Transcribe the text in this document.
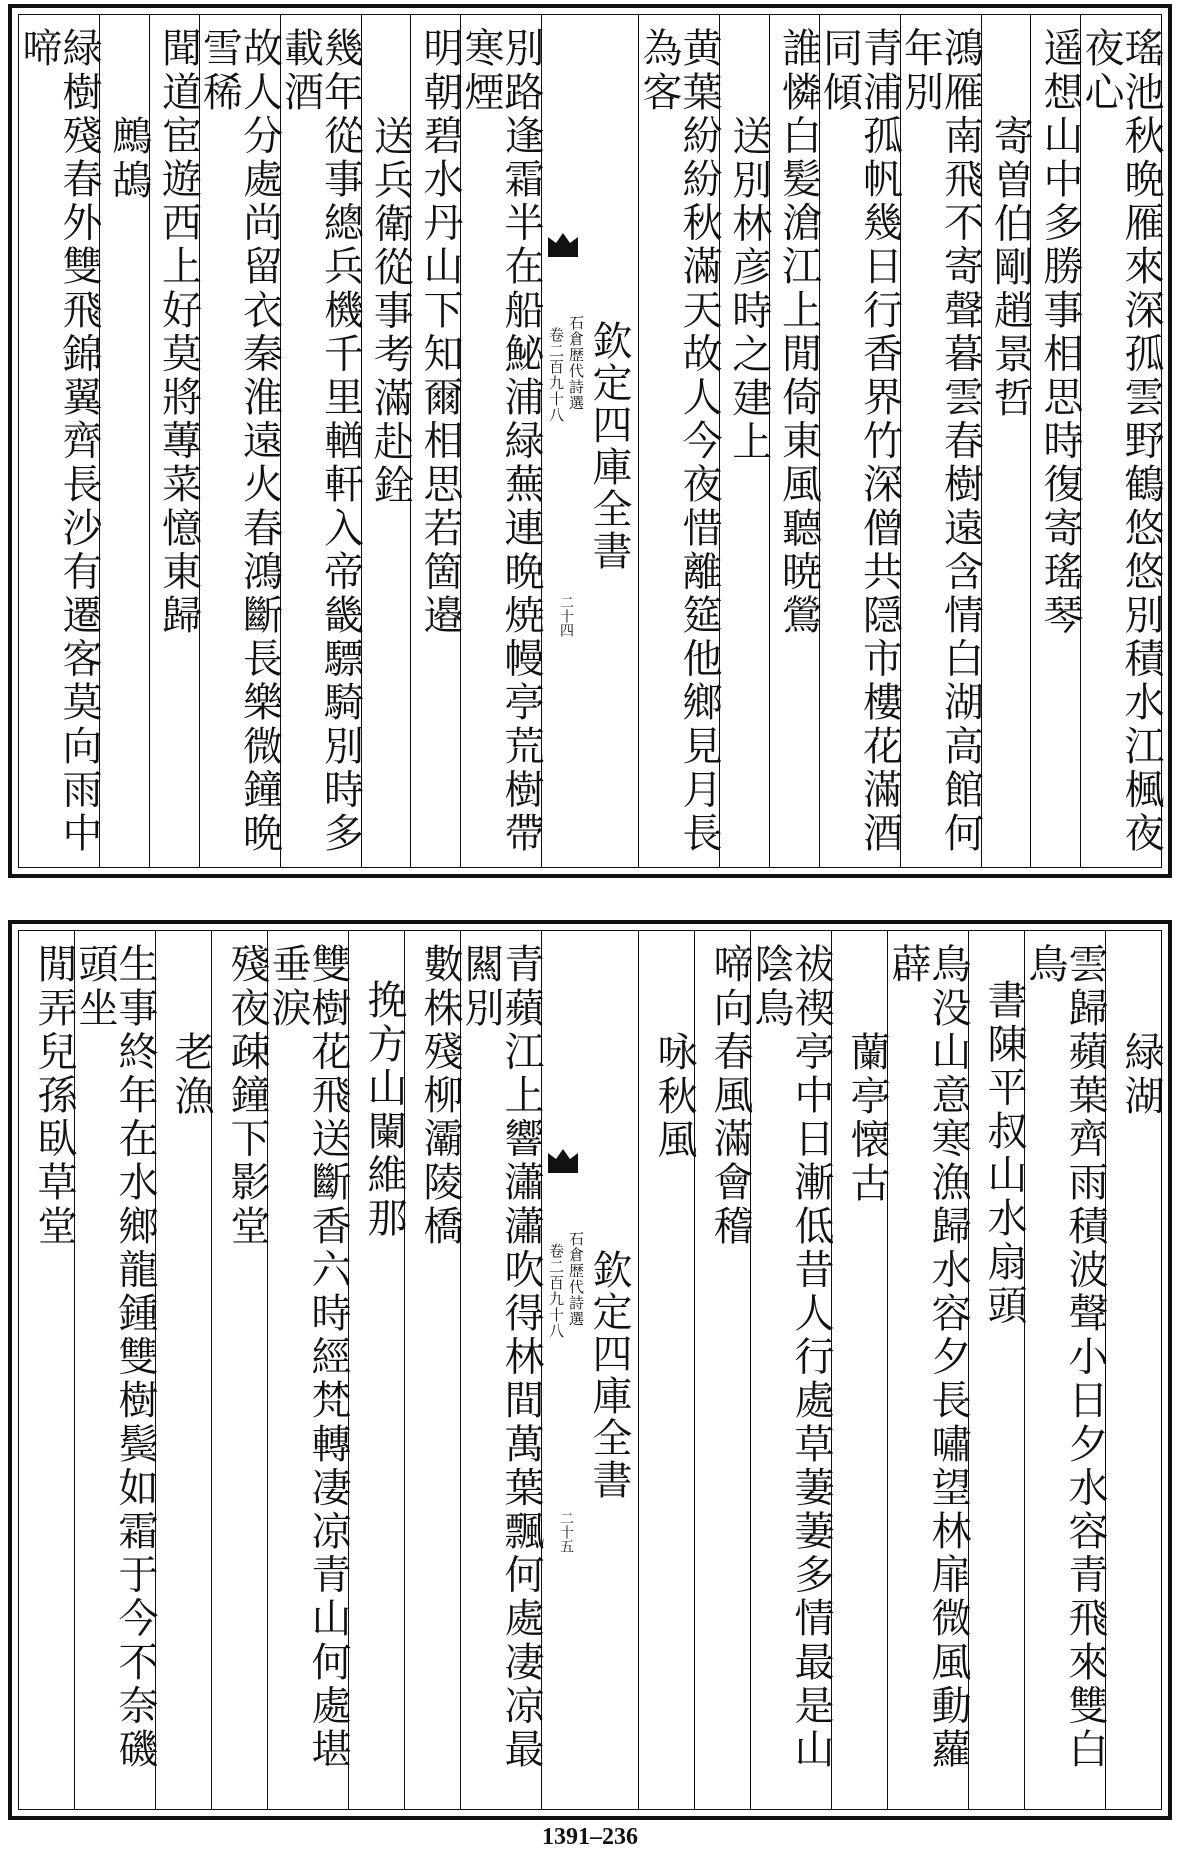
瑤池秋晩雁來深孤雲野鶴悠悠別積水江楓夜夜心
遥想山中多勝事相思時復寄瑤琴
寄曽伯剛趙景哲
鴻雁南飛不寄聲暮雲春樹遠含情白湖高館何年別
青浦孤帆幾日行香界竹深僧共隠市樓花滿酒同傾
誰憐白髪滄江上閒倚東風聽暁鶯
送別林彦時之建上
黄葉紛紛秋滿天故人今夜惜離筵他鄉見月長為客
欽定四庫全書
石倉歴代詩選
卷二百九十八
二十四
別路逢霜半在船鮅浦緑蕪連晩焼幔亭荒樹帶寒煙
明朝碧水丹山下知爾相思若箇邉
送兵衛從事考滿赴銓
幾年從事總兵機千里輶軒入帝畿驃騎別時多載酒
故人分處尚留衣秦淮遠火春鴻斷長樂微鐘晩雪稀
聞道宦遊西上好莫將蓴菜憶東歸
鷓鴣
緑樹殘春外雙飛錦翼齊長沙有遷客莫向雨中啼
緑湖
雲歸蘋葉齊雨積波聲小日夕水容青飛來雙白鳥
書陳平叔山水扇頭
鳥没山意寒漁歸水容夕長嘯望林扉微風動蘿薜
蘭亭懐古
祓禊亭中日漸低昔人行處草萋萋多情最是山陰鳥
啼向春風滿會稽
咏秋風
欽定四庫全書
石倉歴代詩選
卷二百九十八
二十五
青蘋江上響瀟瀟吹得林間萬葉飄何處凄凉最闗別
數株殘柳灞陵橋
挽方山闌維那
雙樹花飛送斷香六時經梵轉凄凉青山何處堪垂淚
殘夜疎鐘下影堂
老漁
生事終年在水鄉龍鍾雙樹鬓如霜于今不奈磯頭坐
閒弄兒孫臥草堂
1391–236
